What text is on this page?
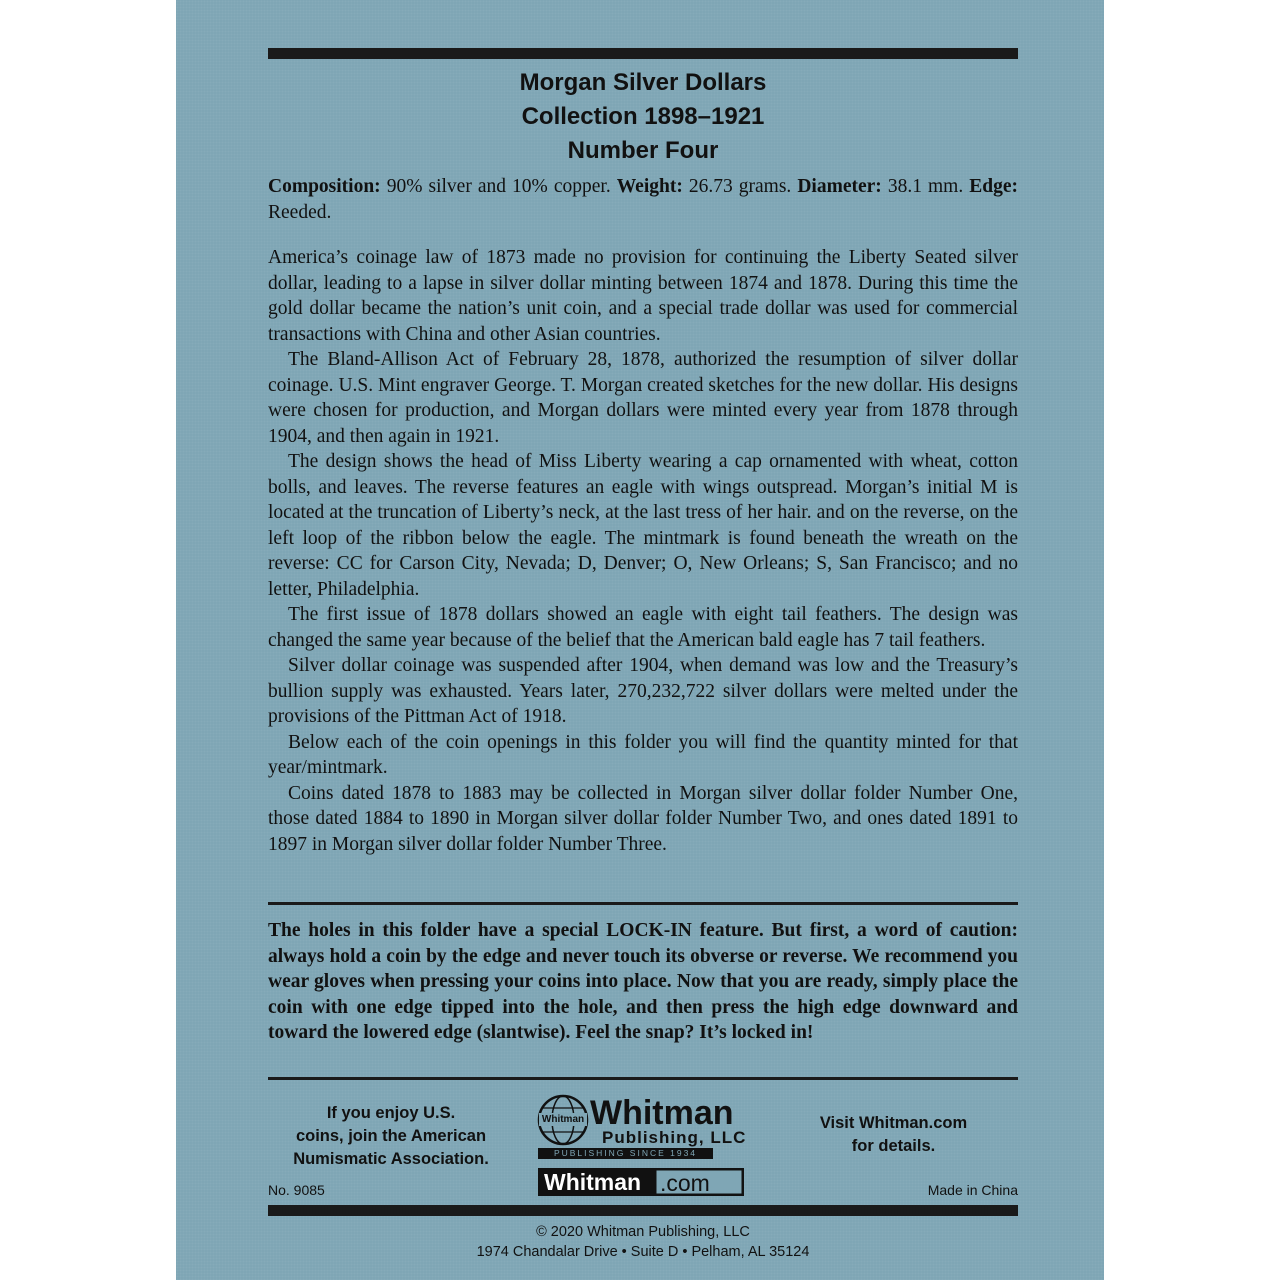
Morgan Silver Dollars
Collection 1898–1921
Number Four
Composition: 90% silver and 10% copper. Weight: 26.73 grams. Diameter: 38.1 mm. Edge: Reeded.

America’s coinage law of 1873 made no provision for continuing the Liberty Seated silver dollar, leading to a lapse in silver dollar minting between 1874 and 1878. During this time the gold dollar became the nation’s unit coin, and a special trade dollar was used for commercial transactions with China and other Asian countries.

The Bland-Allison Act of February 28, 1878, authorized the resumption of silver dollar coinage. U.S. Mint engraver George. T. Morgan created sketches for the new dollar. His designs were chosen for production, and Morgan dollars were minted every year from 1878 through 1904, and then again in 1921.

The design shows the head of Miss Liberty wearing a cap ornamented with wheat, cotton bolls, and leaves. The reverse features an eagle with wings outspread. Morgan’s initial M is located at the truncation of Liberty’s neck, at the last tress of her hair. and on the reverse, on the left loop of the ribbon below the eagle. The mintmark is found beneath the wreath on the reverse: CC for Carson City, Nevada; D, Denver; O, New Orleans; S, San Francisco; and no letter, Philadelphia.

The first issue of 1878 dollars showed an eagle with eight tail feathers. The design was changed the same year because of the belief that the American bald eagle has 7 tail feathers.

Silver dollar coinage was suspended after 1904, when demand was low and the Treasury’s bullion supply was exhausted. Years later, 270,232,722 silver dollars were melted under the provisions of the Pittman Act of 1918.

Below each of the coin openings in this folder you will find the quantity minted for that year/mintmark.

Coins dated 1878 to 1883 may be collected in Morgan silver dollar folder Number One, those dated 1884 to 1890 in Morgan silver dollar folder Number Two, and ones dated 1891 to 1897 in Morgan silver dollar folder Number Three.

The holes in this folder have a special LOCK-IN feature. But first, a word of caution: always hold a coin by the edge and never touch its obverse or reverse. We recommend you wear gloves when pressing your coins into place. Now that you are ready, simply place the coin with one edge tipped into the hole, and then press the high edge downward and toward the lowered edge (slantwise). Feel the snap? It’s locked in!
If you enjoy U.S.
coins, join the American
Numismatic Association.
Whitman Whitman
Publishing, LLC
PUBLISHING SINCE 1934
Whitman .com
Visit Whitman.com
for details.
No. 9085	Made in China
© 2020 Whitman Publishing, LLC
1974 Chandalar Drive • Suite D • Pelham, AL 35124
